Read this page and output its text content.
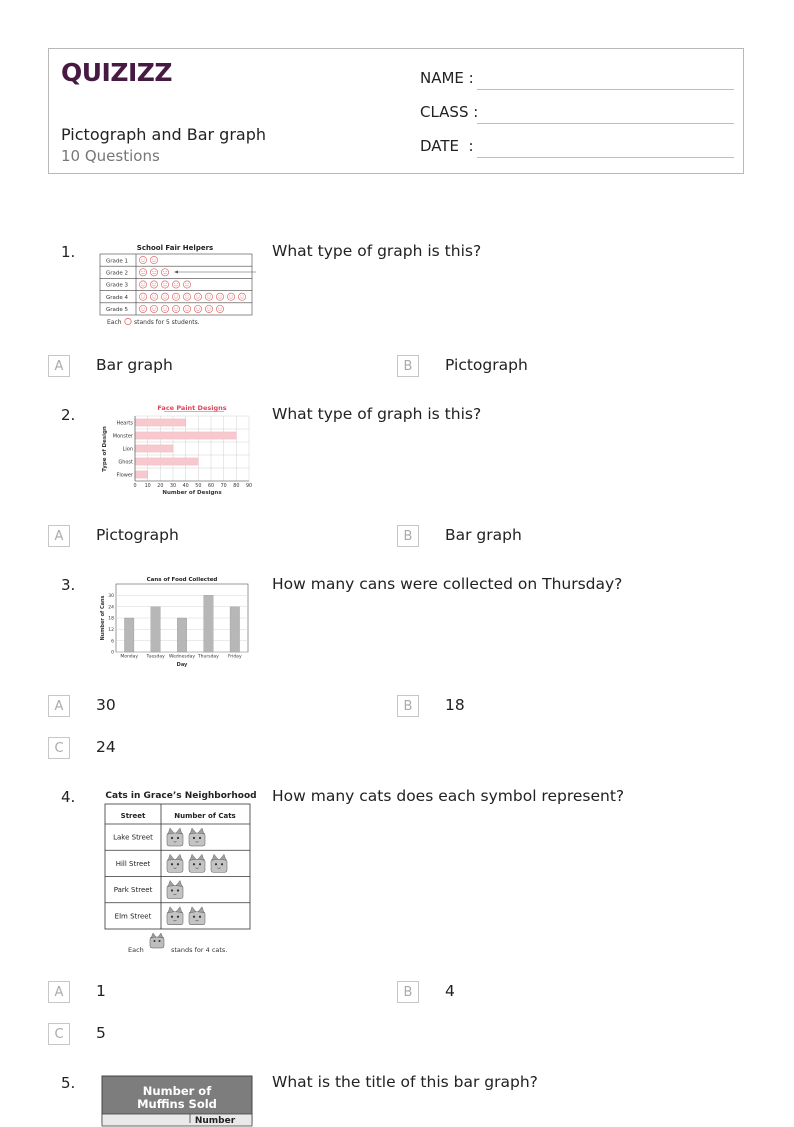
QUIZIZZ
Pictograph and Bar graph
10 Questions
NAME :
CLASS :
DATE  :
1.	School Fair Helpers
Grade 1
Grade 2
Grade 3
Grade 4
Grade 5
Each stands for 5 students.
What type of graph is this?
A	Bar graph	B	Pictograph
2.	Face Paint Designs
Number of Designs
Type of Design
0 10 20 30 40 50 60 70 80 90
Hearts
Monster
Lion
Ghost
Flower
What type of graph is this?
A	Pictograph	B	Bar graph
3.	Cans of Food Collected
Day
Number of Cans
0
6
12
18
24
30
Monday Tuesday Wednesday Thursday Friday
How many cans were collected on Thursday?
A	30	B	18
C	24
4.	Cats in Grace’s Neighborhood
Street	Number of Cats
Lake Street
Hill Street
Park Street
Elm Street
Each	stands for 4 cats.
How many cats does each symbol represent?
A	1	B	4
C	5
5.	Number of
Muffins Sold
Number
What is the title of this bar graph?
